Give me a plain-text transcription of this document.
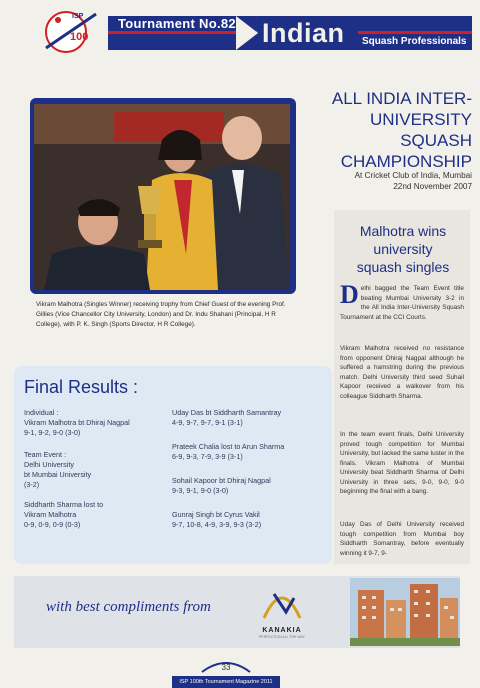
ISP
100
Tournament No.82 Indian Squash Professionals
Vikram Malhotra (Singles Winner) receiving trophy from Chief Guest of the evening Prof. Gillies (Vice Chancellor City University, London) and Dr. Indu Shahani (Principal, H R College), with P. K. Singh (Sports Director, H R College).
ALL INDIA INTER-
UNIVERSITY SQUASH
CHAMPIONSHIP
At Cricket Club of India, Mumbai
22nd November 2007
Malhotra wins
university
squash singles
Delhi bagged the Team Event title beating Mumbai University 3-2 in the All India Inter-University Squash Tournament at the CCI Courts.
Vikram Malhotra received no resistance from opponent Dhiraj Nagpal although he suffered a hamstring during the previous match. Delhi University third seed Suhail Kapoor received a walkover from his colleague Siddharth Sharma.
In the team event finals, Delhi University proved tough competition for Mumbai University, but lacked the same luster in the finals. Vikram Malhotra of Mumbai University beat Siddharth Sharma of Delhi University in three sets, 9-0, 9-0, 9-0 beginning the final with a bang.
Uday Das of Delhi University received tough competition from Mumbai boy Siddharth Somantray, before eventually winning it 9-7, 9-
Final Results :
Individual :
Vikram Malhotra bt Dhiraj Nagpal
9-1, 9-2, 9-0 (3-0)
Team Event :
Delhi University
bt Mumbai University
(3-2)
Siddharth Sharma lost to
Vikram Malhotra
0-9, 0-9, 0-9 (0-3)
Uday Das bt Siddharth Samantray
4-9, 9-7, 9-7, 9-1 (3-1)
Prateek Chalia lost to Arun Sharma
6-9, 9-3, 7-9, 3-9 (3-1)
Sohail Kapoor bt Dhiraj Nagpal
9-3, 9-1, 9-0 (3-0)
Gunraj Singh bt Cyrus Vakil
9-7, 10-8, 4-9, 3-9, 9-3 (3-2)
with best compliments from
KANAKIA
PERFECTION ALL THE WAY
33
ISP 100th Tournament Magazine 2011
